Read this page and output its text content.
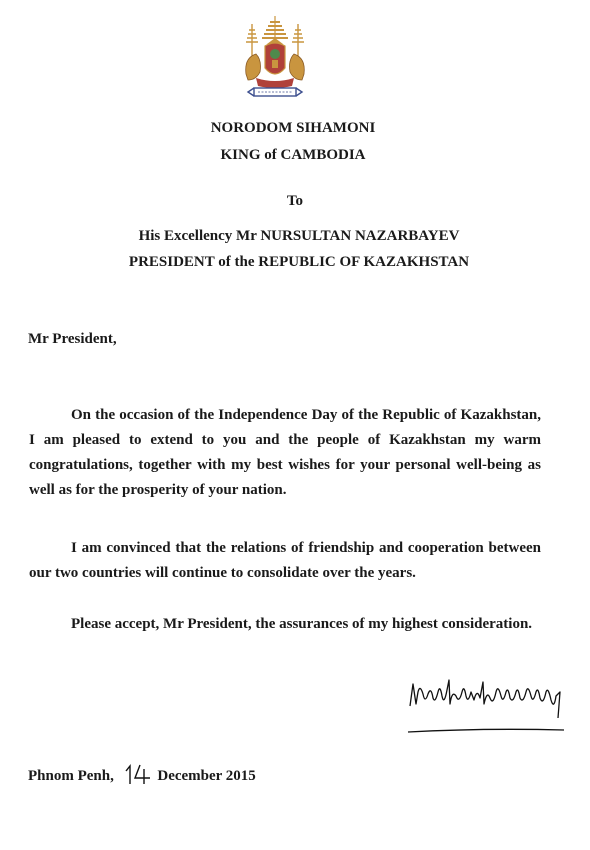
NORODOM SIHAMONI
KING of CAMBODIA
To
His Excellency Mr NURSULTAN NAZARBAYEV
PRESIDENT of the REPUBLIC OF KAZAKHSTAN
Mr President,

On the occasion of the Independence Day of the Republic of Kazakhstan, I am pleased to extend to you and the people of Kazakhstan my warm congratulations, together with my best wishes for your personal well-being as well as for the prosperity of your nation.

I am convinced that the relations of friendship and cooperation between our two countries will continue to consolidate over the years.

Please accept, Mr President, the assurances of my highest consideration.

Phnom Penh,	December 2015
